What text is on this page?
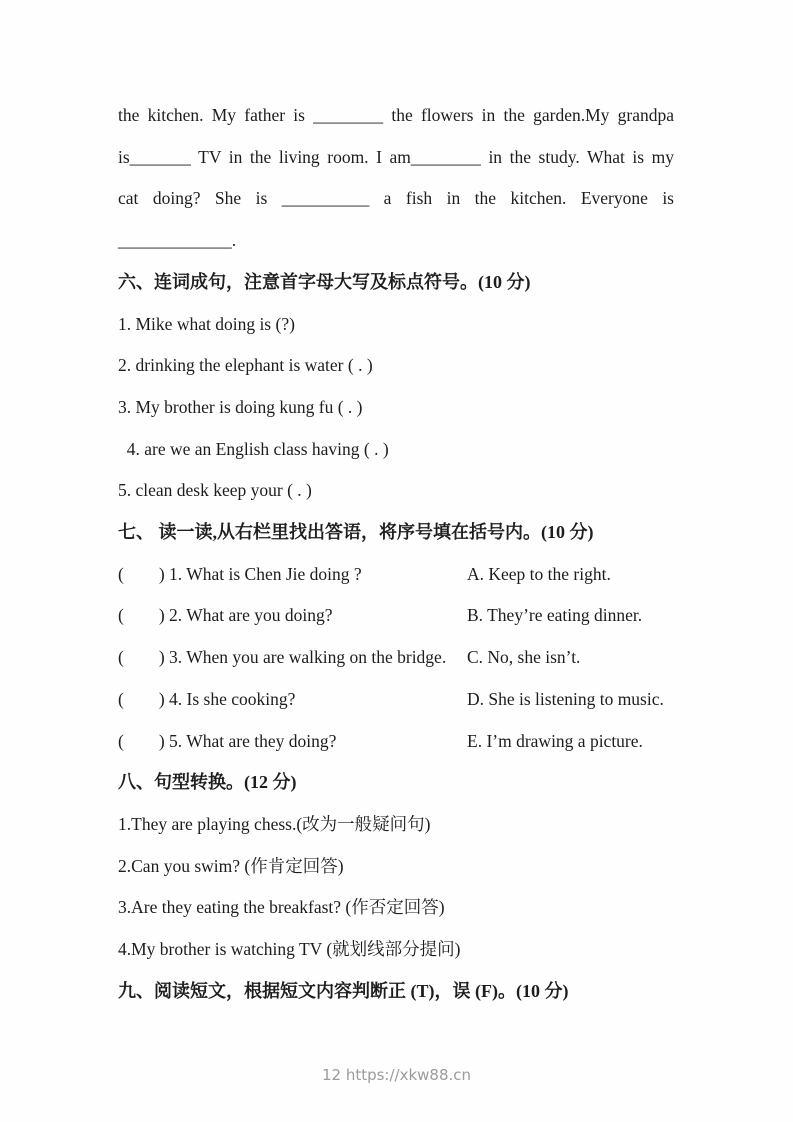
the kitchen. My father is ________ the flowers in the garden.My grandpa
is_______ TV in the living room. I am________ in the study. What is my
cat doing? She is __________ a fish in the kitchen. Everyone is
_____________.
六、连词成句，注意首字母大写及标点符号。(10 分)
1. Mike what doing is (?)
2. drinking the elephant is water ( . )
3. My brother is doing kung fu ( . )
4. are we an English class having ( . )
5. clean desk keep your ( . )
七、 读一读,从右栏里找出答语，将序号填在括号内。(10 分)
(        ) 1. What is Chen Jie doing ?	A. Keep to the right.
(        ) 2. What are you doing?	B. They’re eating dinner.
(        ) 3. When you are walking on the bridge.	C. No, she isn’t.
(        ) 4. Is she cooking?	D. She is listening to music.
(        ) 5. What are they doing?	E. I’m drawing a picture.
八、句型转换。(12 分)
1.They are playing chess.(改为一般疑问句)
2.Can you swim? (作肯定回答)
3.Are they eating the breakfast? (作否定回答)
4.My brother is watching TV (就划线部分提问)
九、阅读短文，根据短文内容判断正 (T)，误 (F)。(10 分)
12 https://xkw88.cn
